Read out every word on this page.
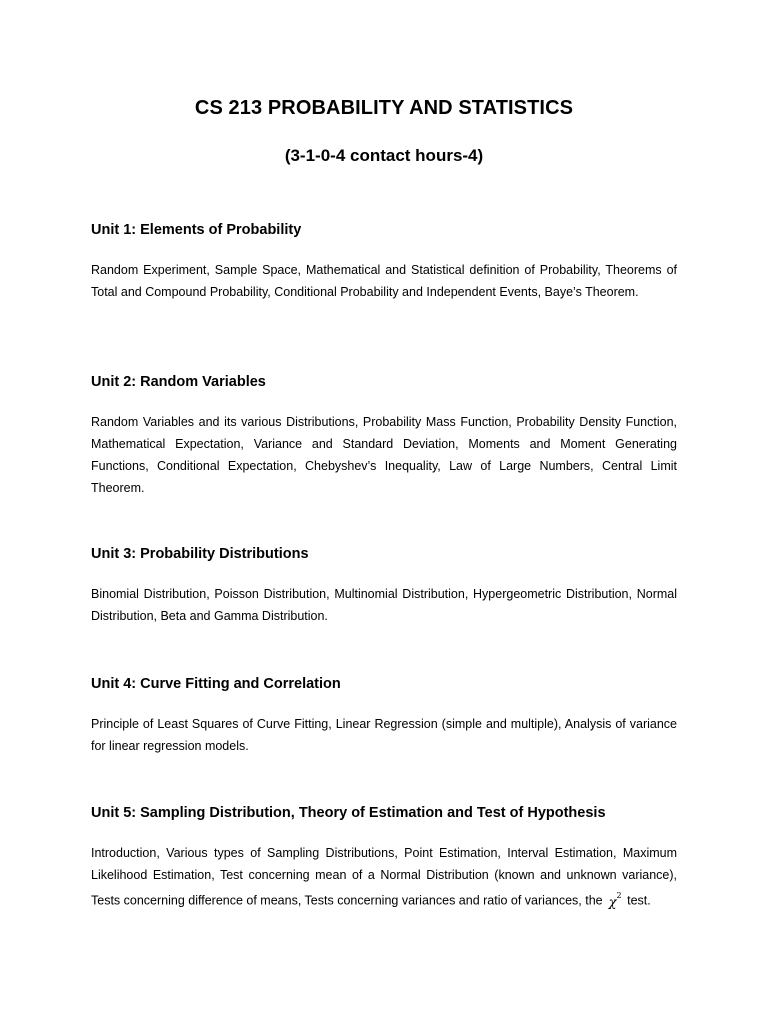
CS 213 PROBABILITY AND STATISTICS
(3-1-0-4 contact hours-4)
Unit 1: Elements of Probability

Random Experiment, Sample Space, Mathematical and Statistical definition of Probability, Theorems of Total and Compound Probability, Conditional Probability and Independent Events, Baye’s Theorem.

Unit 2: Random Variables

Random Variables and its various Distributions, Probability Mass Function, Probability Density Function, Mathematical Expectation, Variance and Standard Deviation, Moments and Moment Generating Functions, Conditional Expectation, Chebyshev’s Inequality, Law of Large Numbers, Central Limit Theorem.

Unit 3: Probability Distributions

Binomial Distribution, Poisson Distribution, Multinomial Distribution, Hypergeometric Distribution, Normal Distribution, Beta and Gamma Distribution.

Unit 4: Curve Fitting and Correlation

Principle of Least Squares of Curve Fitting, Linear Regression (simple and multiple), Analysis of variance for linear regression models.

Unit 5: Sampling Distribution, Theory of Estimation and Test of Hypothesis

Introduction, Various types of Sampling Distributions, Point Estimation, Interval Estimation, Maximum Likelihood Estimation, Test concerning mean of a Normal Distribution (known and unknown variance), Tests concerning difference of means, Tests concerning variances and ratio of variances, the $\chi^2$ test.
